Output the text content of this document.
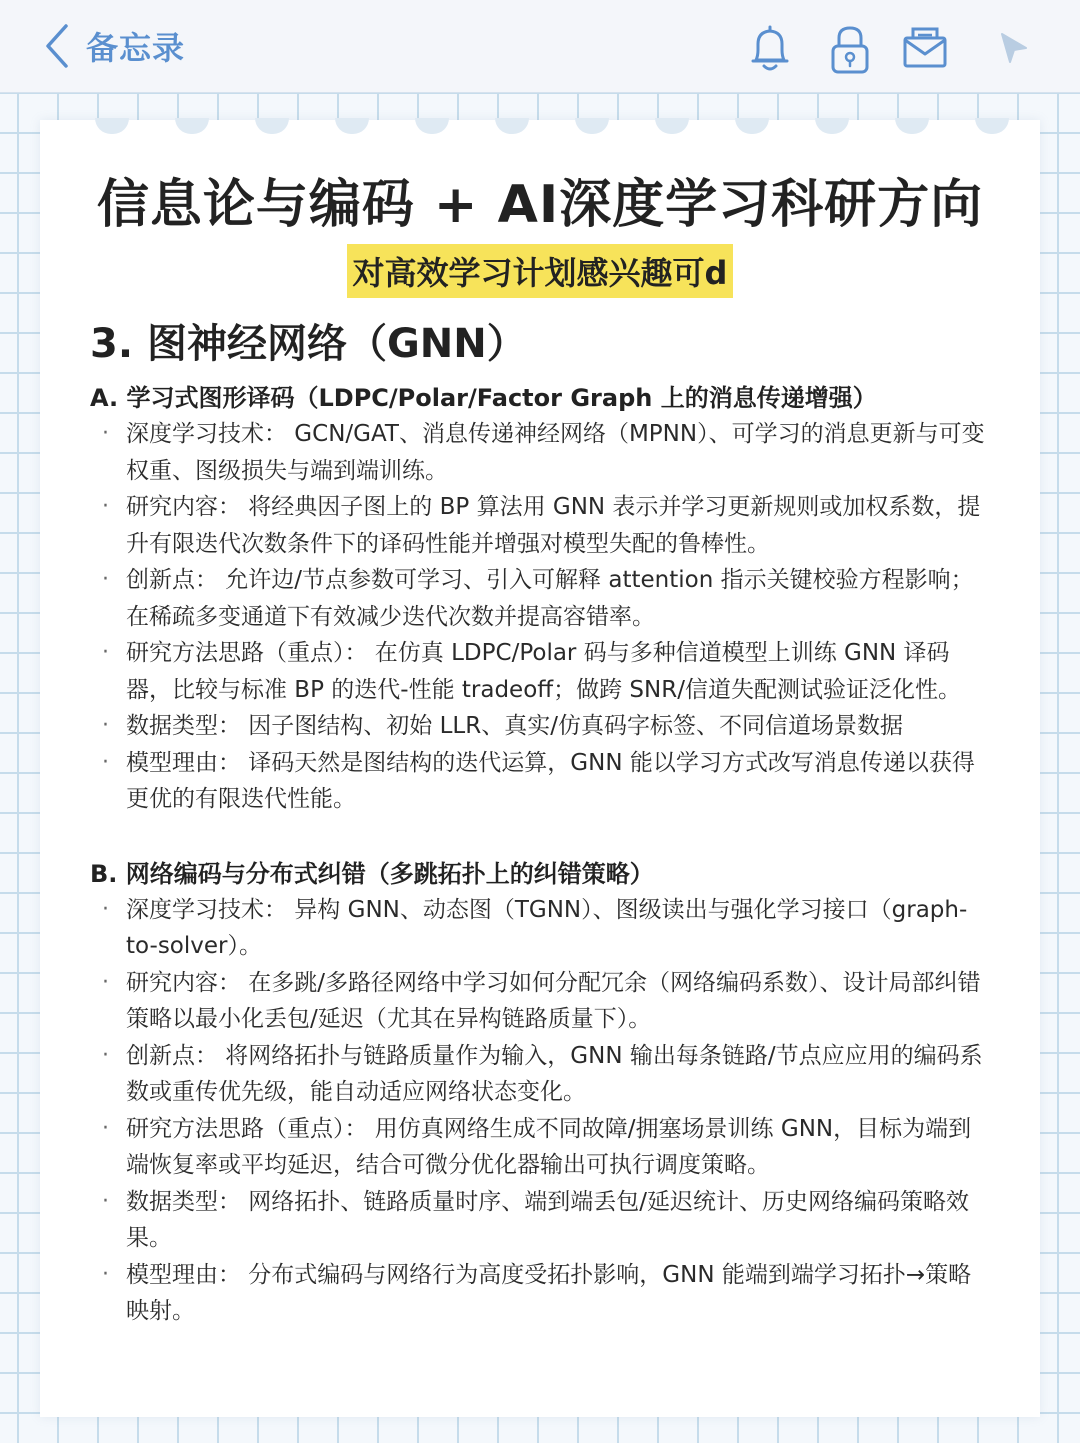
备忘录
信息论与编码 + AI深度学习科研方向
对高效学习计划感兴趣可d
3. 图神经网络（GNN）
A. 学习式图形译码（LDPC/Polar/Factor Graph 上的消息传递增强）
· 深度学习技术： GCN/GAT、消息传递神经网络（MPNN）、可学习的消息更新与可变权重、图级损失与端到端训练。
· 研究内容： 将经典因子图上的 BP 算法用 GNN 表示并学习更新规则或加权系数，提升有限迭代次数条件下的译码性能并增强对模型失配的鲁棒性。
· 创新点： 允许边/节点参数可学习、引入可解释 attention 指示关键校验方程影响；在稀疏多变通道下有效减少迭代次数并提高容错率。
· 研究方法思路（重点）： 在仿真 LDPC/Polar 码与多种信道模型上训练 GNN 译码器，比较与标准 BP 的迭代-性能 tradeoff；做跨 SNR/信道失配测试验证泛化性。
· 数据类型： 因子图结构、初始 LLR、真实/仿真码字标签、不同信道场景数据
· 模型理由： 译码天然是图结构的迭代运算，GNN 能以学习方式改写消息传递以获得更优的有限迭代性能。
B. 网络编码与分布式纠错（多跳拓扑上的纠错策略）
· 深度学习技术： 异构 GNN、动态图（TGNN）、图级读出与强化学习接口（graph-to-solver）。
· 研究内容： 在多跳/多路径网络中学习如何分配冗余（网络编码系数）、设计局部纠错策略以最小化丢包/延迟（尤其在异构链路质量下）。
· 创新点： 将网络拓扑与链路质量作为输入，GNN 输出每条链路/节点应应用的编码系数或重传优先级，能自动适应网络状态变化。
· 研究方法思路（重点）： 用仿真网络生成不同故障/拥塞场景训练 GNN，目标为端到端恢复率或平均延迟，结合可微分优化器输出可执行调度策略。
· 数据类型： 网络拓扑、链路质量时序、端到端丢包/延迟统计、历史网络编码策略效果。
· 模型理由： 分布式编码与网络行为高度受拓扑影响，GNN 能端到端学习拓扑→策略映射。
